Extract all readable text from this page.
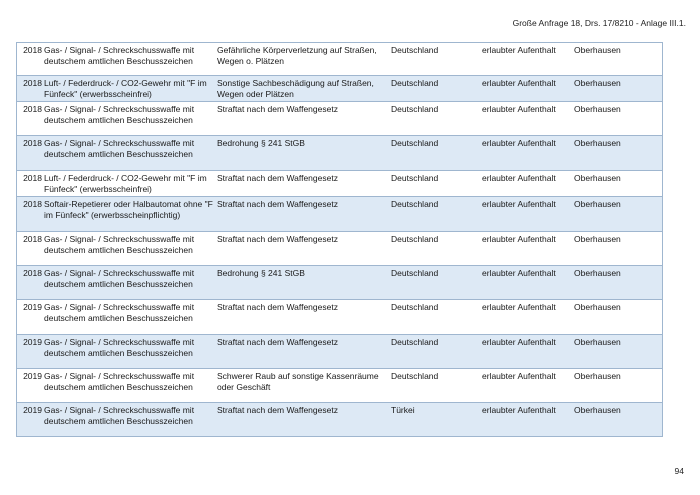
Große Anfrage 18, Drs. 17/8210 - Anlage III.1.
2018 Gas- / Signal- / Schreckschusswaffe mit deutschem amtlichen Beschusszeichen
Gefährliche Körperverletzung auf Straßen, Wegen o. Plätzen
Deutschland	erlaubter Aufenthalt	Oberhausen
2018 Luft- / Federdruck- / CO2-Gewehr mit "F im Fünfeck" (erwerbsscheinfrei)
Sonstige Sachbeschädigung auf Straßen, Wegen oder Plätzen
Deutschland	erlaubter Aufenthalt	Oberhausen
2018 Gas- / Signal- / Schreckschusswaffe mit deutschem amtlichen Beschusszeichen
Straftat nach dem Waffengesetz	Deutschland	erlaubter Aufenthalt	Oberhausen
2018 Gas- / Signal- / Schreckschusswaffe mit deutschem amtlichen Beschusszeichen
Bedrohung § 241 StGB	Deutschland	erlaubter Aufenthalt	Oberhausen
2018 Luft- / Federdruck- / CO2-Gewehr mit "F im Fünfeck" (erwerbsscheinfrei)
Straftat nach dem Waffengesetz	Deutschland	erlaubter Aufenthalt	Oberhausen
2018 Softair-Repetierer oder Halbautomat ohne "F im Fünfeck" (erwerbsscheinpflichtig)
Straftat nach dem Waffengesetz	Deutschland	erlaubter Aufenthalt	Oberhausen
2018 Gas- / Signal- / Schreckschusswaffe mit deutschem amtlichen Beschusszeichen
Straftat nach dem Waffengesetz	Deutschland	erlaubter Aufenthalt	Oberhausen
2018 Gas- / Signal- / Schreckschusswaffe mit deutschem amtlichen Beschusszeichen
Bedrohung § 241 StGB	Deutschland	erlaubter Aufenthalt	Oberhausen
2019 Gas- / Signal- / Schreckschusswaffe mit deutschem amtlichen Beschusszeichen
Straftat nach dem Waffengesetz	Deutschland	erlaubter Aufenthalt	Oberhausen
2019 Gas- / Signal- / Schreckschusswaffe mit deutschem amtlichen Beschusszeichen
Straftat nach dem Waffengesetz	Deutschland	erlaubter Aufenthalt	Oberhausen
2019 Gas- / Signal- / Schreckschusswaffe mit deutschem amtlichen Beschusszeichen
Schwerer Raub auf sonstige Kassenräume oder Geschäft
Deutschland	erlaubter Aufenthalt	Oberhausen
2019 Gas- / Signal- / Schreckschusswaffe mit deutschem amtlichen Beschusszeichen
Straftat nach dem Waffengesetz	Türkei	erlaubter Aufenthalt	Oberhausen
94
